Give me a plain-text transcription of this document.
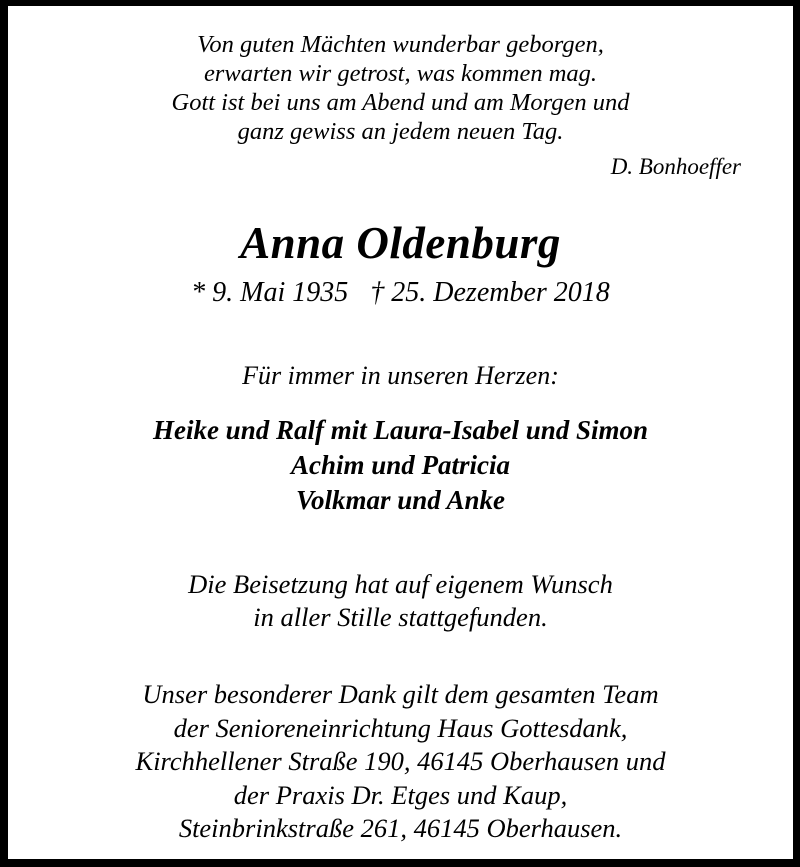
Von guten Mächten wunderbar geborgen,
erwarten wir getrost, was kommen mag.
Gott ist bei uns am Abend und am Morgen und
ganz gewiss an jedem neuen Tag.
D. Bonhoeffer
Anna Oldenburg
* 9. Mai 1935 † 25. Dezember 2018
Für immer in unseren Herzen:
Heike und Ralf mit Laura-Isabel und Simon
Achim und Patricia
Volkmar und Anke
Die Beisetzung hat auf eigenem Wunsch
in aller Stille stattgefunden.
Unser besonderer Dank gilt dem gesamten Team
der Senioreneinrichtung Haus Gottesdank,
Kirchhellener Straße 190, 46145 Oberhausen und
der Praxis Dr. Etges und Kaup,
Steinbrinkstraße 261, 46145 Oberhausen.
